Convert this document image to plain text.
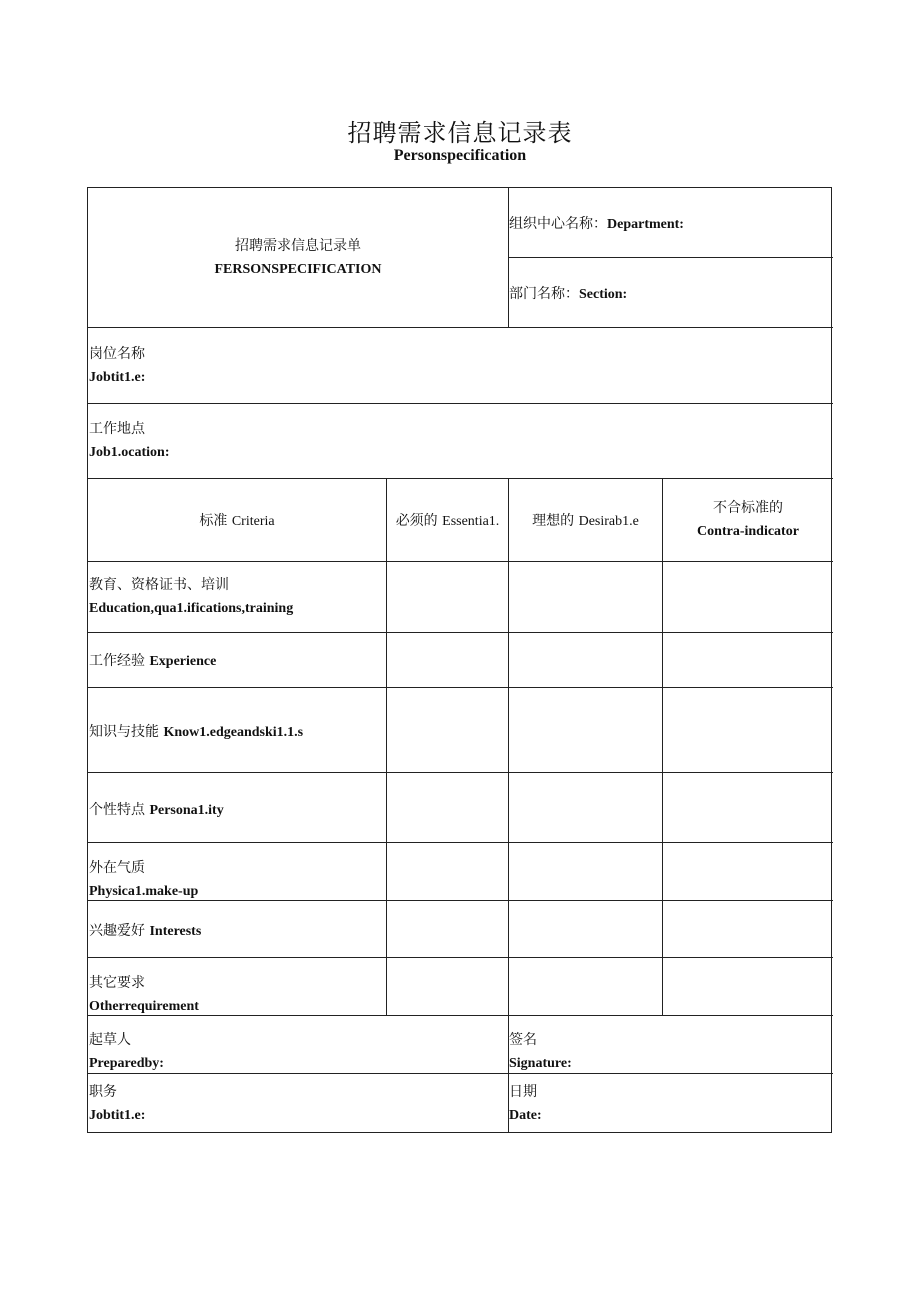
招聘需求信息记录表
Personspecification
招聘需求信息记录单
FERSONSPECIFICATION
组织中心名称：Department:
部门名称：Section:
岗位名称
Jobtit1.e:
工作地点
Job1.ocation:
标准 Criteria	必须的 Essentia1.	理想的 Desirab1.e
不合标准的
Contra-indicator
教育、资格证书、培训
Education,qua1.ifications,training
工作经验 Experience
知识与技能 Know1.edgeandski1.1.s
个性特点 Persona1.ity
外在气质
Physica1.make-up
兴趣爱好 Interests
其它要求
Otherrequirement
起草人
Preparedby:
签名
Signature:
职务
Jobtit1.e:
日期
Date:
